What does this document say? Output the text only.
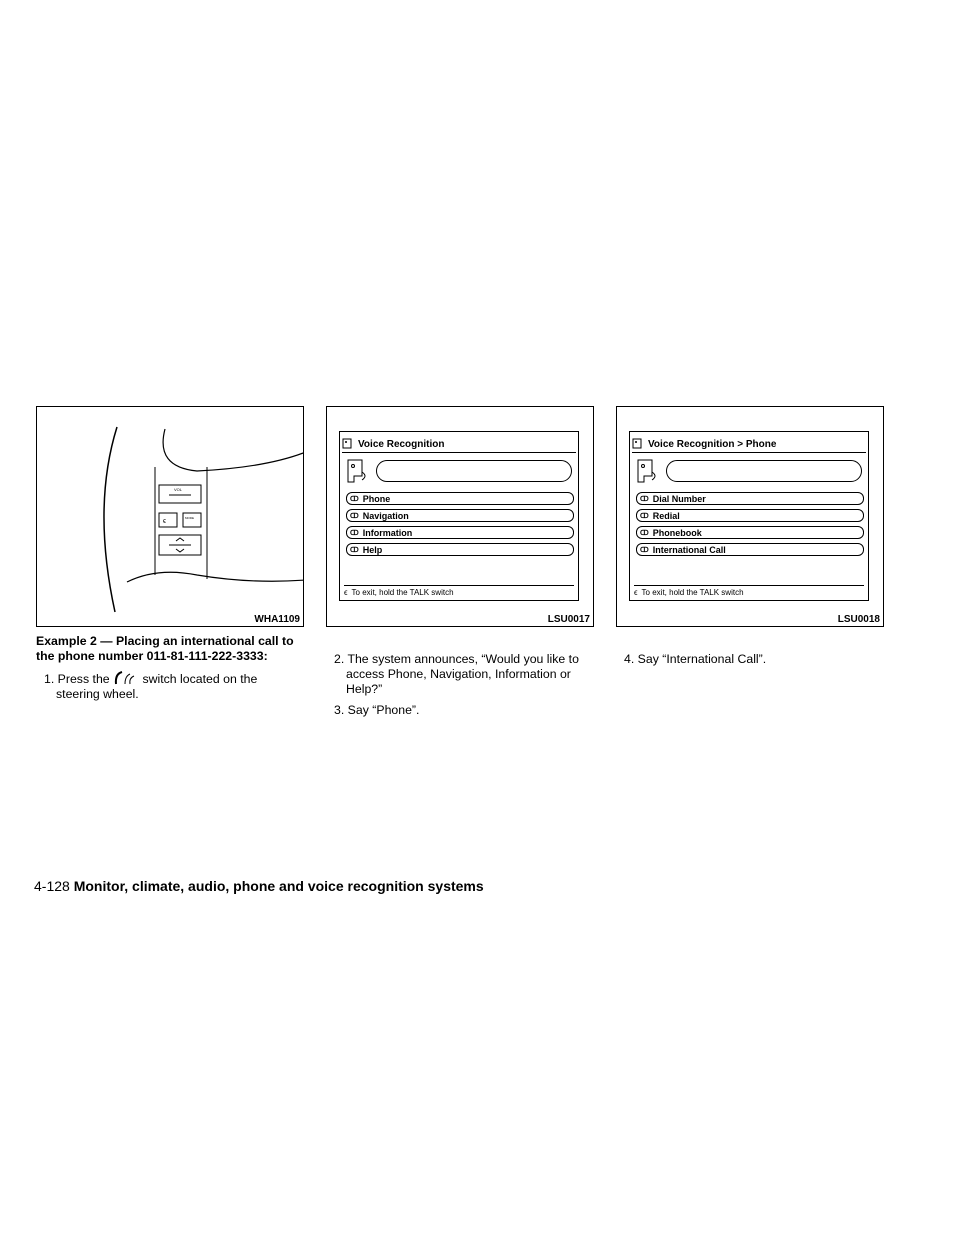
VOL
ϵ	MODE
WHA1109
Voice Recognition
ↀ Phone
ↀ Navigation
ↀ Information
ↀ Help
ϵ To exit, hold the TALK switch
LSU0017
Voice Recognition > Phone
ↀ Dial Number
ↀ Redial
ↀ Phonebook
ↀ International Call
ϵ To exit, hold the TALK switch
LSU0018
Example 2 — Placing an international call to the phone number 011-81-111-222-3333:

1. Press the	switch located on the steering wheel.

2. The system announces, “Would you like to access Phone, Navigation, Information or Help?”

3. Say “Phone”.

4. Say “International Call”.

4-128 Monitor, climate, audio, phone and voice recognition systems
